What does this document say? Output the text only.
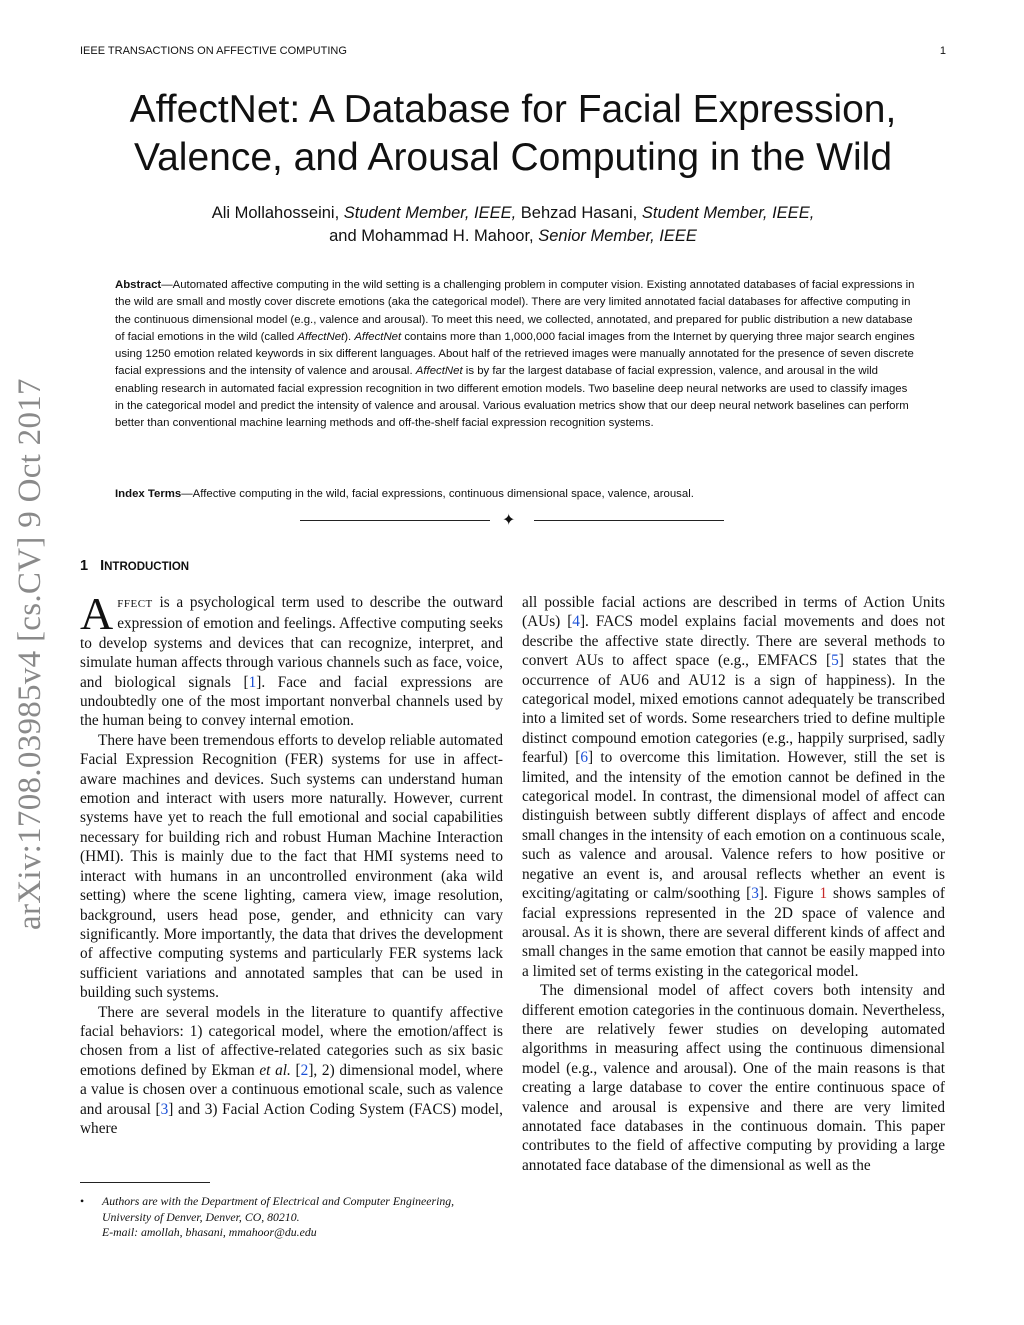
IEEE TRANSACTIONS ON AFFECTIVE COMPUTING	1
arXiv:1708.03985v4 [cs.CV] 9 Oct 2017
AffectNet: A Database for Facial Expression,
Valence, and Arousal Computing in the Wild
Ali Mollahosseini, Student Member, IEEE, Behzad Hasani, Student Member, IEEE,
and Mohammad H. Mahoor, Senior Member, IEEE

Abstract—Automated affective computing in the wild setting is a challenging problem in computer vision. Existing annotated databases of facial expressions in the wild are small and mostly cover discrete emotions (aka the categorical model). There are very limited annotated facial databases for affective computing in the continuous dimensional model (e.g., valence and arousal). To meet this need, we collected, annotated, and prepared for public distribution a new database of facial emotions in the wild (called AffectNet). AffectNet contains more than 1,000,000 facial images from the Internet by querying three major search engines using 1250 emotion related keywords in six different languages. About half of the retrieved images were manually annotated for the presence of seven discrete facial expressions and the intensity of valence and arousal. AffectNet is by far the largest database of facial expression, valence, and arousal in the wild enabling research in automated facial expression recognition in two different emotion models. Two baseline deep neural networks are used to classify images in the categorical model and predict the intensity of valence and arousal. Various evaluation metrics show that our deep neural network baselines can perform better than conventional machine learning methods and off-the-shelf facial expression recognition systems.

Index Terms—Affective computing in the wild, facial expressions, continuous dimensional space, valence, arousal.
✦
1 INTRODUCTION

AFFECT is a psychological term used to describe the outward expression of emotion and feelings. Affective computing seeks to develop systems and devices that can recognize, interpret, and simulate human affects through various channels such as face, voice, and biological signals [1]. Face and facial expressions are undoubtedly one of the most important nonverbal channels used by the human being to convey internal emotion.

There have been tremendous efforts to develop reliable automated Facial Expression Recognition (FER) systems for use in affect-aware machines and devices. Such systems can understand human emotion and interact with users more naturally. However, current systems have yet to reach the full emotional and social capabilities necessary for building rich and robust Human Machine Interaction (HMI). This is mainly due to the fact that HMI systems need to interact with humans in an uncontrolled environment (aka wild setting) where the scene lighting, camera view, image resolution, background, users head pose, gender, and ethnicity can vary significantly. More importantly, the data that drives the development of affective computing systems and particularly FER systems lack sufficient variations and annotated samples that can be used in building such systems.

There are several models in the literature to quantify affective facial behaviors: 1) categorical model, where the emotion/affect is chosen from a list of affective-related categories such as six basic emotions defined by Ekman et al. [2], 2) dimensional model, where a value is chosen over a continuous emotional scale, such as valence and arousal [3] and 3) Facial Action Coding System (FACS) model, where

• Authors are with the Department of Electrical and Computer Engineering,
University of Denver, Denver, CO, 80210.
E-mail: amollah, bhasani, mmahoor@du.edu

all possible facial actions are described in terms of Action Units (AUs) [4]. FACS model explains facial movements and does not describe the affective state directly. There are several methods to convert AUs to affect space (e.g., EMFACS [5] states that the occurrence of AU6 and AU12 is a sign of happiness). In the categorical model, mixed emotions cannot adequately be transcribed into a limited set of words. Some researchers tried to define multiple distinct compound emotion categories (e.g., happily surprised, sadly fearful) [6] to overcome this limitation. However, still the set is limited, and the intensity of the emotion cannot be defined in the categorical model. In contrast, the dimensional model of affect can distinguish between subtly different displays of affect and encode small changes in the intensity of each emotion on a continuous scale, such as valence and arousal. Valence refers to how positive or negative an event is, and arousal reflects whether an event is exciting/agitating or calm/soothing [3]. Figure 1 shows samples of facial expressions represented in the 2D space of valence and arousal. As it is shown, there are several different kinds of affect and small changes in the same emotion that cannot be easily mapped into a limited set of terms existing in the categorical model.

The dimensional model of affect covers both intensity and different emotion categories in the continuous domain. Nevertheless, there are relatively fewer studies on developing automated algorithms in measuring affect using the continuous dimensional model (e.g., valence and arousal). One of the main reasons is that creating a large database to cover the entire continuous space of valence and arousal is expensive and there are very limited annotated face databases in the continuous domain. This paper contributes to the field of affective computing by providing a large annotated face database of the dimensional as well as the
